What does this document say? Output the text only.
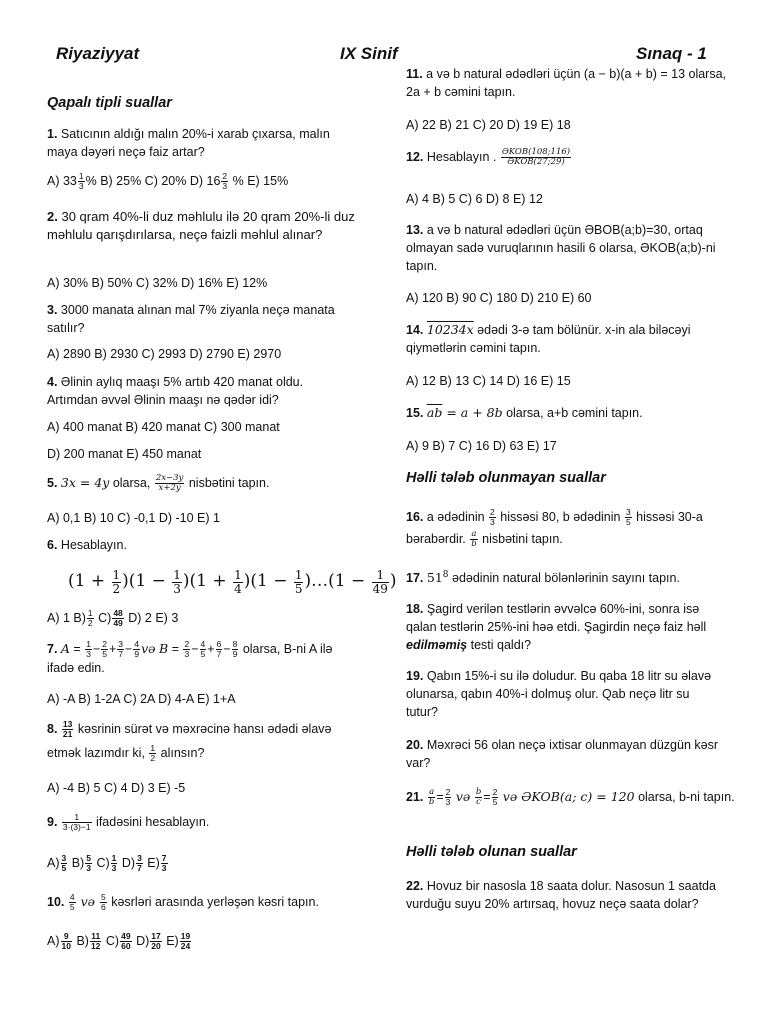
Riyaziyyat	IX Sinif	Sınaq - 1
Qapalı tipli suallar
1. Satıcının aldığı malın 20%-i xarab çıxarsa, malın maya dəyəri neçə faiz artar?
A) $33 \frac{1}{3}$ % B) 25% C) 20% D) $16 \frac{2}{3}$ % E) 15%
2. 30 qram 40%-li duz məhlulu ilə 20 qram 20%-li duz məhlulu qarışdırılarsa, neçə faizli məhlul alınar?
A) 30% B) 50% C) 32% D) 16% E) 12%
3. 3000 manata alınan mal 7% ziyanla neçə manata satılır?
A) 2890 B) 2930 C) 2993 D) 2790 E) 2970
4. Əlinin aylıq maaşı 5% artıb 420 manat oldu. Artımdan əvvəl Əlinin maaşı nə qədər idi?
A) 400 manat B) 420 manat C) 300 manat
D) 200 manat E) 450 manat
5. 3x = 4y olarsa, $\frac{2x-3y}{x+2y}$ nisbətini tapın.
A) 0,1 B) 10 C) -0,1 D) -10 E) 1
6. Hesablayın.
$(1 + \frac{1}{2} )(1 - \frac{1}{3} )(1 + \frac{1}{4} )(1 - \frac{1}{5}$ )…(1 − $\frac{1}{49}$ )
A) 1 $B) \frac{1}{2} C) \frac{48}{49} D$) 2 E) 3
7. $A = \frac{1}{3} - \frac{2}{5} + \frac{3}{7} - \frac{4}{9}$ və $B = \frac{2}{3} - \frac{4}{5} + \frac{6}{7} - \frac{8}{9}$ olarsa, B-ni A ilə ifadə edin.
A) -A B) 1-2A C) 2A D) 4-A E) 1+A
8. $\frac{13}{21}$ kəsrinin sürət və məxrəcinə hansı ədədi əlavə etmək lazımdır ki, $\frac{1}{2}$ alınsın?
A) -4 B) 5 C) 4 D) 3 E) -5
9. $\frac{1}{3\cdot(3)-1}$ ifadəsini hesablayın.
$A) \frac{3}{5} B) \frac{5}{3} C) \frac{1}{3} D) \frac{3}{7} E) \frac{7}{3}$
10. $\frac{4}{5}$ və $\frac{5}{6}$ kəsrləri arasında yerləşən kəsri tapın.
$A) \frac{9}{10} B) \frac{11}{12} C) \frac{49}{60} D) \frac{17}{20} E) \frac{19}{24}$
11. a və b natural ədədləri üçün (a − b)(a + b) = 13 olarsa, 2a + b cəmini tapın.
A) 22 B) 21 C) 20 D) 19 E) 18
12. Hesablayın . ƏKOB(108;116)
ƏKOB(27;29)
A) 4 B) 5 C) 6 D) 8 E) 12
13. a və b natural ədədləri üçün ƏBOB(a;b)=30, ortaq olmayan sadə vuruqlarının hasili 6 olarsa, ƏKOB(a;b)-ni tapın.
A) 120 B) 90 C) 180 D) 210 E) 60
14. 10234x ədədi 3-ə tam bölünür. x-in ala biləcəyi qiymətlərin cəmini tapın.
A) 12 B) 13 C) 14 D) 16 E) 15
15. $\overline{ab} = a + 8b$ olarsa, a+b cəmini tapın.
A) 9 B) 7 C) 16 D) 63 E) 17
Həlli tələb olunmayan suallar
16. a ədədinin $\frac{2}{3}$ hissəsi 80, b ədədinin $\frac{3}{5}$ hissəsi 30-a bərabərdir. $\frac{a}{b}$ nisbətini tapın.
17. $51^8$ ədədinin natural bölənlərinin sayını tapın.
18. Şagird verilən testlərin əvvəlcə 60%-ini, sonra isə qalan testlərin 25%-ini həə etdi. Şagirdin neçə faiz həll edilməmiş testi qaldı?
19. Qabın 15%-i su ilə doludur. Bu qaba 18 litr su əlavə olunarsa, qabın 40%-i dolmuş olur. Qab neçə litr su tutur?
20. Məxrəci 56 olan neçə ixtisar olunmayan düzgün kəsr var?
21. $\frac{a}{b} = \frac{2}{3}$ və $\frac{b}{c} = \frac{2}{5}$ və ƏKOB(a; c) = 120 olarsa, b-ni tapın.
Həlli tələb olunan suallar
22. Hovuz bir nasosla 18 saata dolur. Nasosun 1 saatda vurduğu suyu 20% artırsaq, hovuz neçə saata dolar?
